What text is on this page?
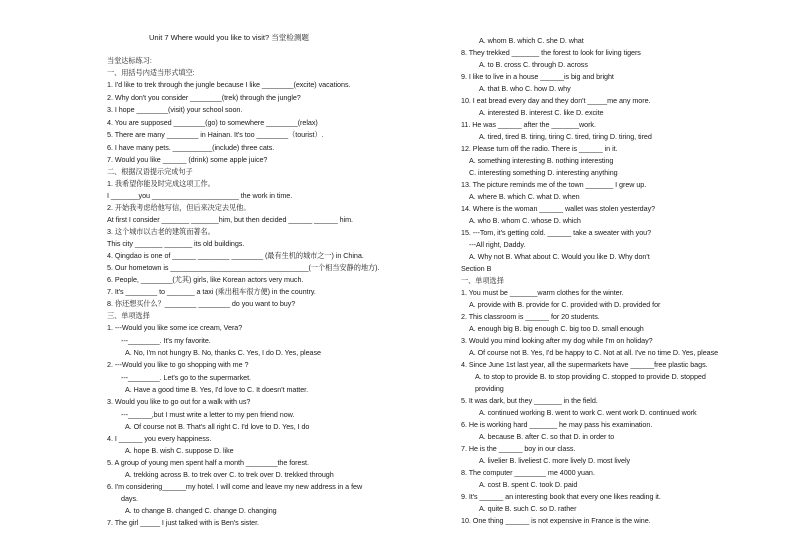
Unit 7 Where would you like to visit? 当堂检测题
当堂达标练习:
一、用括号内适当形式填空:
1. I'd like to trek through the jungle because I like ________(excite) vacations.
2. Why don't you consider ________(trek) through the jungle?
3. I hope ________(visit) your school soon.
4. You are supposed ________(go) to somewhere ________(relax)
5. There are many ________ in Hainan. It's too ________（tourist）.
6. I have many pets. __________(include) three cats.
7. Would you like ______ (drink) some apple juice?
二、根据汉语提示完成句子
1. 我希望你能及时完成这项工作。
I _______you ______________________ the work in time.
2. 开始我考虑给他写信，但后来决定去见他。
At first I consider _______ _______him, but then decided ______ ______ him.
3. 这个城市以古老的建筑而著名。
This city _______ _______ its old buildings.
4. Qingdao is one of ______ ________ ________ (最有生机的城市之一) in China.
5. Our hometown is ___________________________________(一个相当安静的地方).
6. People, ________(尤其) girls, like Korean actors very much.
7. It's ________ to _______ a taxi (乘出租车很方便) in the country.
8. 你还想买什么？________ ________ do you want to buy?
三、单项选择
1. ---Would you like some ice cream, Vera?
---________. It's my favorite.
A. No, I'm not hungry B. No, thanks C. Yes, I do D. Yes, please
2. ---Would you like to go shopping with me ?
---________. Let's go to the supermarket.
A. Have a good time B. Yes, I'd love to C. It doesn't matter.
3. Would you like to go out for a walk with us?
---______,but I must write a letter to my pen friend now.
A. Of course not B. That's all right C. I'd love to D. Yes, I do
4. I ______ you every happiness.
A. hope B. wish C. suppose D. like
5. A group of young men spent half a month ________the forest.
A. trekking across B. to trek over C. to trek over D. trekked through
6. I'm considering______my hotel. I will come and leave my new address in a few
days.
A. to change B. changed C. change D. changing
7. The girl _____ I just talked with is Ben's sister.
A. whom B. which C. she D. what
8. They trekked _______ the forest to look for living tigers
A. to B. cross C. through D. across
9. I like to live in a house ______is big and bright
A. that B. who C. how D. why
10. I eat bread every day and they don't _____me any more.
A. interested B. interest C. like D. excite
11. He was ______ after the _______work.
A. tired, tired B. tiring, tiring C. tired, tiring D. tiring, tired
12. Please turn off the radio. There is ______ in it.
A. something interesting B. nothing interesting
C. interesting something D. interesting anything
13. The picture reminds me of the town _______ I grew up.
A. where B. which C. what D. when
14. Where is the woman ______ wallet was stolen yesterday?
A. who B. whom C. whose D. which
15. ---Tom, it's getting cold. ______ take a sweater with you?
---All right, Daddy.
A. Why not B. What about C. Would you like D. Why don't
Section B
一、单项选择
1. You must be _______warm clothes for the winter.
A. provide with B. provide for C. provided with D. provided for
2. This classroom is ______ for 20 students.
A. enough big B. big enough C. big too D. small enough
3. Would you mind looking after my dog while I'm on holiday?
A. Of course not B. Yes, I'd be happy to C. Not at all. I've no time D. Yes, please
4. Since June 1st last year, all the supermarkets have ______free plastic bags.
A. to stop to provide B. to stop providing C. stopped to provide D. stopped
providing
5. It was dark, but they _______ in the field.
A. continued working B. went to work C. went work D. continued work
6. He is working hard _______ he may pass his examination.
A. because B. after C. so that D. in order to
7. He is the ______ boy in our class.
A. livelier B. liveliest C. more lively D. most lively
8. The computer ________ me 4000 yuan.
A. cost B. spent C. took D. paid
9. It's ______ an interesting book that every one likes reading it.
A. quite B. such C. so D. rather
10. One thing ______ is not expensive in France is the wine.
